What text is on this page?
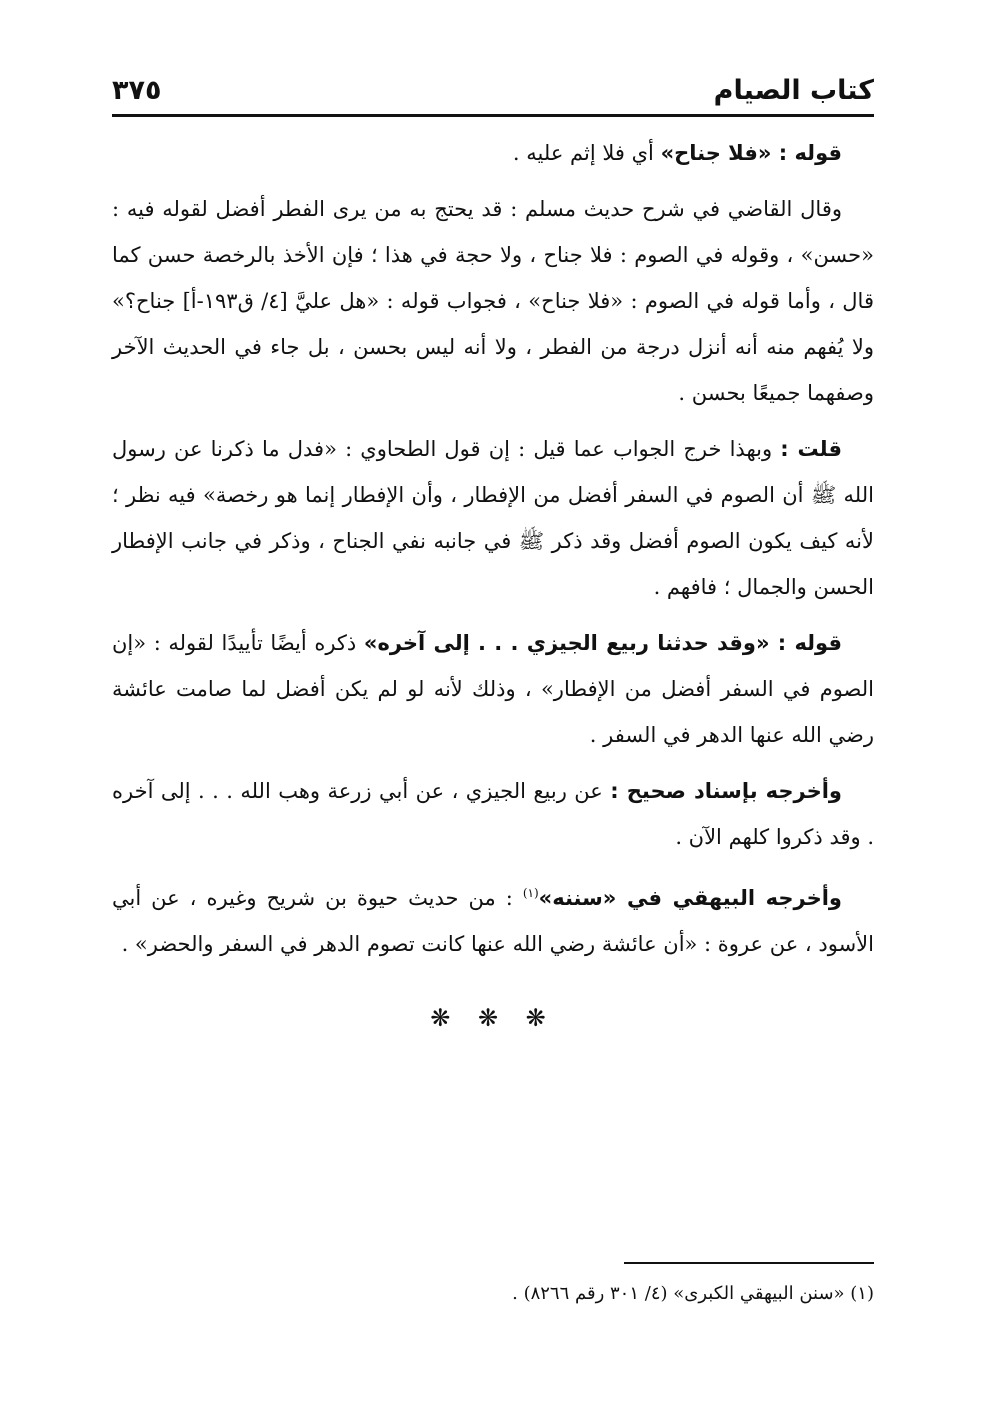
كتاب الصيام
٣٧٥

قوله : «فلا جناح» أي فلا إثم عليه .

وقال القاضي في شرح حديث مسلم : قد يحتج به من يرى الفطر أفضل لقوله فيه : «حسن» ، وقوله في الصوم : فلا جناح ، ولا حجة في هذا ؛ فإن الأخذ بالرخصة حسن كما قال ، وأما قوله في الصوم : «فلا جناح» ، فجواب قوله : «هل عليَّ [٤/ ق١٩٣-أ] جناح؟» ولا يُفهم منه أنه أنزل درجة من الفطر ، ولا أنه ليس بحسن ، بل جاء في الحديث الآخر وصفهما جميعًا بحسن .

قلت : وبهذا خرج الجواب عما قيل : إن قول الطحاوي : «فدل ما ذكرنا عن رسول الله ﷺ أن الصوم في السفر أفضل من الإفطار ، وأن الإفطار إنما هو رخصة» فيه نظر ؛ لأنه كيف يكون الصوم أفضل وقد ذكر ﷺ في جانبه نفي الجناح ، وذكر في جانب الإفطار الحسن والجمال ؛ فافهم .

قوله : «وقد حدثنا ربيع الجيزي . . . إلى آخره» ذكره أيضًا تأييدًا لقوله : «إن الصوم في السفر أفضل من الإفطار» ، وذلك لأنه لو لم يكن أفضل لما صامت عائشة رضي الله عنها الدهر في السفر .

وأخرجه بإسناد صحيح : عن ربيع الجيزي ، عن أبي زرعة وهب الله . . . إلى آخره . وقد ذكروا كلهم الآن .

وأخرجه البيهقي في «سننه»$^{(١)}$ : من حديث حيوة بن شريح وغيره ، عن أبي الأسود ، عن عروة : «أن عائشة رضي الله عنها كانت تصوم الدهر في السفر والحضر» .

❋ ❋ ❋
(١) «سنن البيهقي الكبرى» (٤/ ٣٠١ رقم ٨٢٦٦) .
